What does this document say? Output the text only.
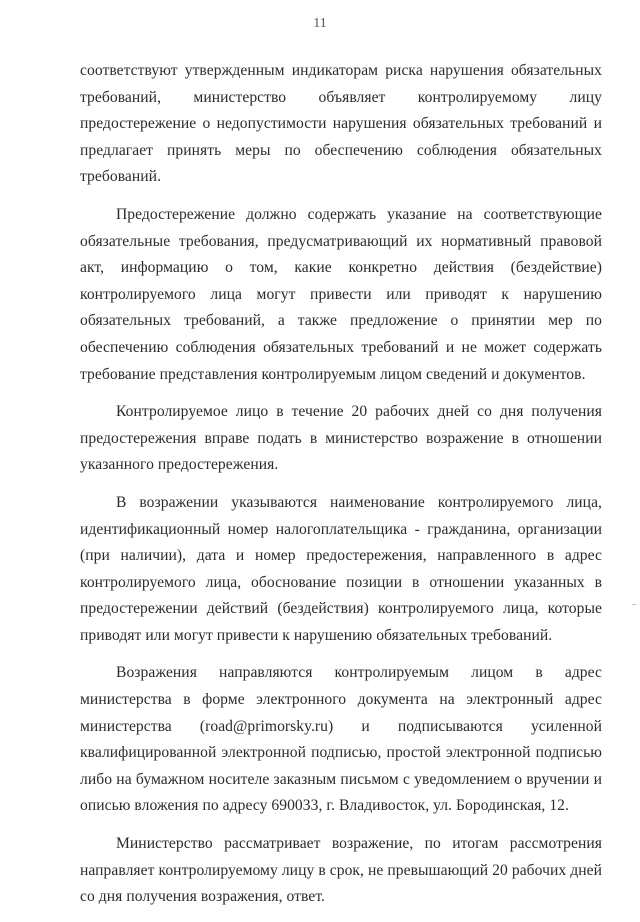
11

соответствуют утвержденным индикаторам риска нарушения обязательных требований, министерство объявляет контролируемому лицу предостережение о недопустимости нарушения обязательных требований и предлагает принять меры по обеспечению соблюдения обязательных требований.

Предостережение должно содержать указание на соответствующие обязательные требования, предусматривающий их нормативный правовой акт, информацию о том, какие конкретно действия (бездействие) контролируемого лица могут привести или приводят к нарушению обязательных требований, а также предложение о принятии мер по обеспечению соблюдения обязательных требований и не может содержать требование представления контролируемым лицом сведений и документов.

Контролируемое лицо в течение 20 рабочих дней со дня получения предостережения вправе подать в министерство возражение в отношении указанного предостережения.

В возражении указываются наименование контролируемого лица, идентификационный номер налогоплательщика - гражданина, организации (при наличии), дата и номер предостережения, направленного в адрес контролируемого лица, обоснование позиции в отношении указанных в предостережении действий (бездействия) контролируемого лица, которые приводят или могут привести к нарушению обязательных требований.

Возражения направляются контролируемым лицом в адрес министерства в форме электронного документа на электронный адрес министерства (road@primorsky.ru) и подписываются усиленной квалифицированной электронной подписью, простой электронной подписью либо на бумажном носителе заказным письмом с уведомлением о вручении и описью вложения по адресу 690033, г. Владивосток, ул. Бородинская, 12.

Министерство рассматривает возражение, по итогам рассмотрения направляет контролируемому лицу в срок, не превышающий 20 рабочих дней со дня получения возражения, ответ.
